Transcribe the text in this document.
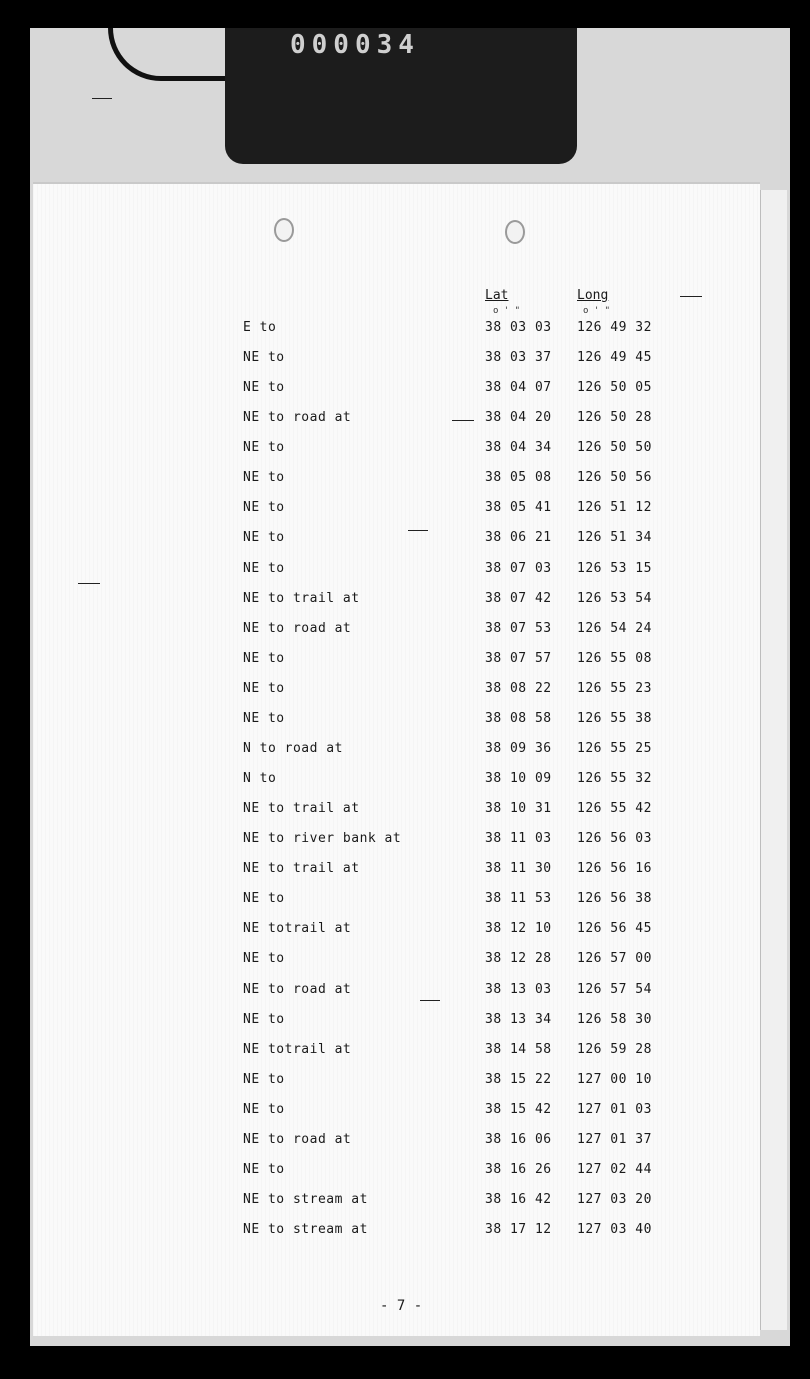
000034
Lat	Long
o ' "	o ' "
E to	38 03 03 126 49 32
NE to	38 03 37 126 49 45
NE to	38 04 07 126 50 05
NE to road at	38 04 20 126 50 28
NE to	38 04 34 126 50 50
NE to	38 05 08 126 50 56
NE to	38 05 41 126 51 12
NE to	38 06 21 126 51 34
NE to	38 07 03 126 53 15
NE to trail at	38 07 42 126 53 54
NE to road at	38 07 53 126 54 24
NE to	38 07 57 126 55 08
NE to	38 08 22 126 55 23
NE to	38 08 58 126 55 38
N to road at	38 09 36 126 55 25
N to	38 10 09 126 55 32
NE to trail at	38 10 31 126 55 42
NE to river bank at	38 11 03 126 56 03
NE to trail at	38 11 30 126 56 16
NE to	38 11 53 126 56 38
NE totrail at	38 12 10 126 56 45
NE to	38 12 28 126 57 00
NE to road at	38 13 03 126 57 54
NE to	38 13 34 126 58 30
NE totrail at	38 14 58 126 59 28
NE to	38 15 22 127 00 10
NE to	38 15 42 127 01 03
NE to road at	38 16 06 127 01 37
NE to	38 16 26 127 02 44
NE to stream at	38 16 42 127 03 20
NE to stream at	38 17 12 127 03 40
- 7 -
